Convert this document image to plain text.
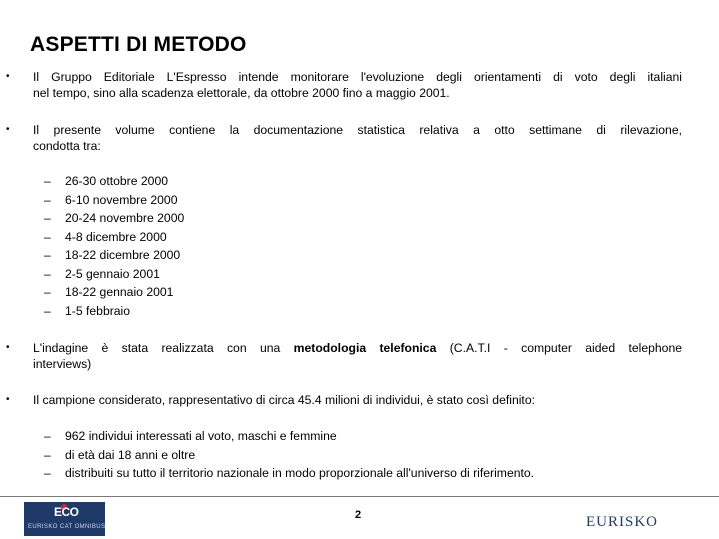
ASPETTI DI METODO
• Il Gruppo Editoriale L'Espresso intende monitorare l'evoluzione degli orientamenti di voto degli italiani
nel tempo, sino alla scadenza elettorale, da ottobre 2000 fino a maggio 2001.
• Il presente volume contiene la documentazione statistica relativa a otto settimane di rilevazione,
condotta tra:
– 26-30 ottobre 2000
– 6-10 novembre 2000
– 20-24 novembre 2000
– 4-8 dicembre 2000
– 18-22 dicembre 2000
– 2-5 gennaio 2001
– 18-22 gennaio 2001
– 1-5 febbraio
• L'indagine è stata realizzata con una metodologia telefonica (C.A.T.I - computer aided telephone
interviews)
• Il campione considerato, rappresentativo di circa 45.4 milioni di individui, è stato così definito:
– 962 individui interessati al voto, maschi e femmine
– di età dai 18 anni e oltre
– distribuiti su tutto il territorio nazionale in modo proporzionale all'universo di riferimento.
ECO
EURISKO CAT OMNIBUS
2	EURISKO
